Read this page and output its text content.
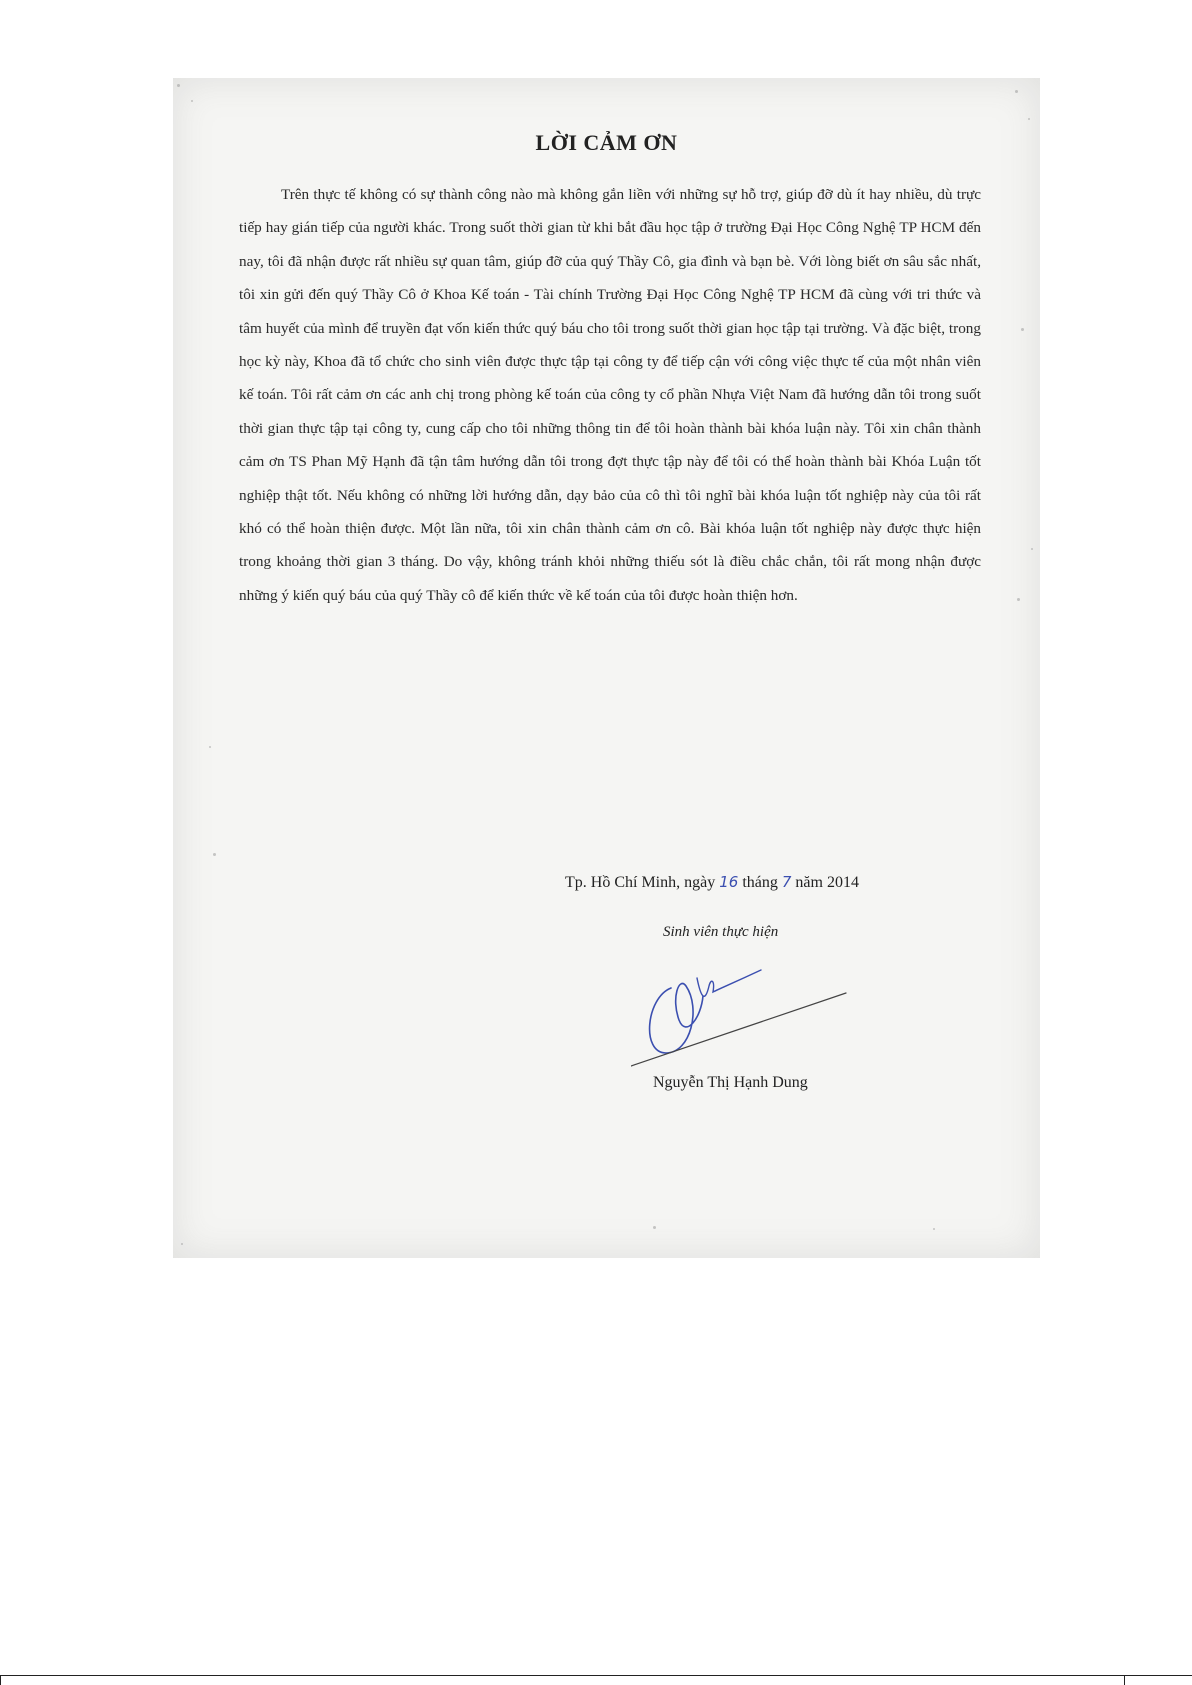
LỜI CẢM ƠN

Trên thực tế không có sự thành công nào mà không gắn liền với những sự hỗ trợ, giúp đỡ dù ít hay nhiều, dù trực tiếp hay gián tiếp của người khác. Trong suốt thời gian từ khi bắt đầu học tập ở trường Đại Học Công Nghệ TP HCM đến nay, tôi đã nhận được rất nhiều sự quan tâm, giúp đỡ của quý Thầy Cô, gia đình và bạn bè. Với lòng biết ơn sâu sắc nhất, tôi xin gửi đến quý Thầy Cô ở Khoa Kế toán - Tài chính Trường Đại Học Công Nghệ TP HCM đã cùng với tri thức và tâm huyết của mình để truyền đạt vốn kiến thức quý báu cho tôi trong suốt thời gian học tập tại trường. Và đặc biệt, trong học kỳ này, Khoa đã tổ chức cho sinh viên được thực tập tại công ty để tiếp cận với công việc thực tế của một nhân viên kế toán. Tôi rất cảm ơn các anh chị trong phòng kế toán của công ty cổ phần Nhựa Việt Nam đã hướng dẫn tôi trong suốt thời gian thực tập tại công ty, cung cấp cho tôi những thông tin để tôi hoàn thành bài khóa luận này. Tôi xin chân thành cảm ơn TS Phan Mỹ Hạnh đã tận tâm hướng dẫn tôi trong đợt thực tập này để tôi có thể hoàn thành bài Khóa Luận tốt nghiệp thật tốt. Nếu không có những lời hướng dẫn, dạy bảo của cô thì tôi nghĩ bài khóa luận tốt nghiệp này của tôi rất khó có thể hoàn thiện được. Một lần nữa, tôi xin chân thành cảm ơn cô. Bài khóa luận tốt nghiệp này được thực hiện trong khoảng thời gian 3 tháng. Do vậy, không tránh khỏi những thiếu sót là điều chắc chắn, tôi rất mong nhận được những ý kiến quý báu của quý Thầy cô để kiến thức về kế toán của tôi được hoàn thiện hơn.

Tp. Hồ Chí Minh, ngày 16 tháng 7 năm 2014
Sinh viên thực hiện
Nguyễn Thị Hạnh Dung
